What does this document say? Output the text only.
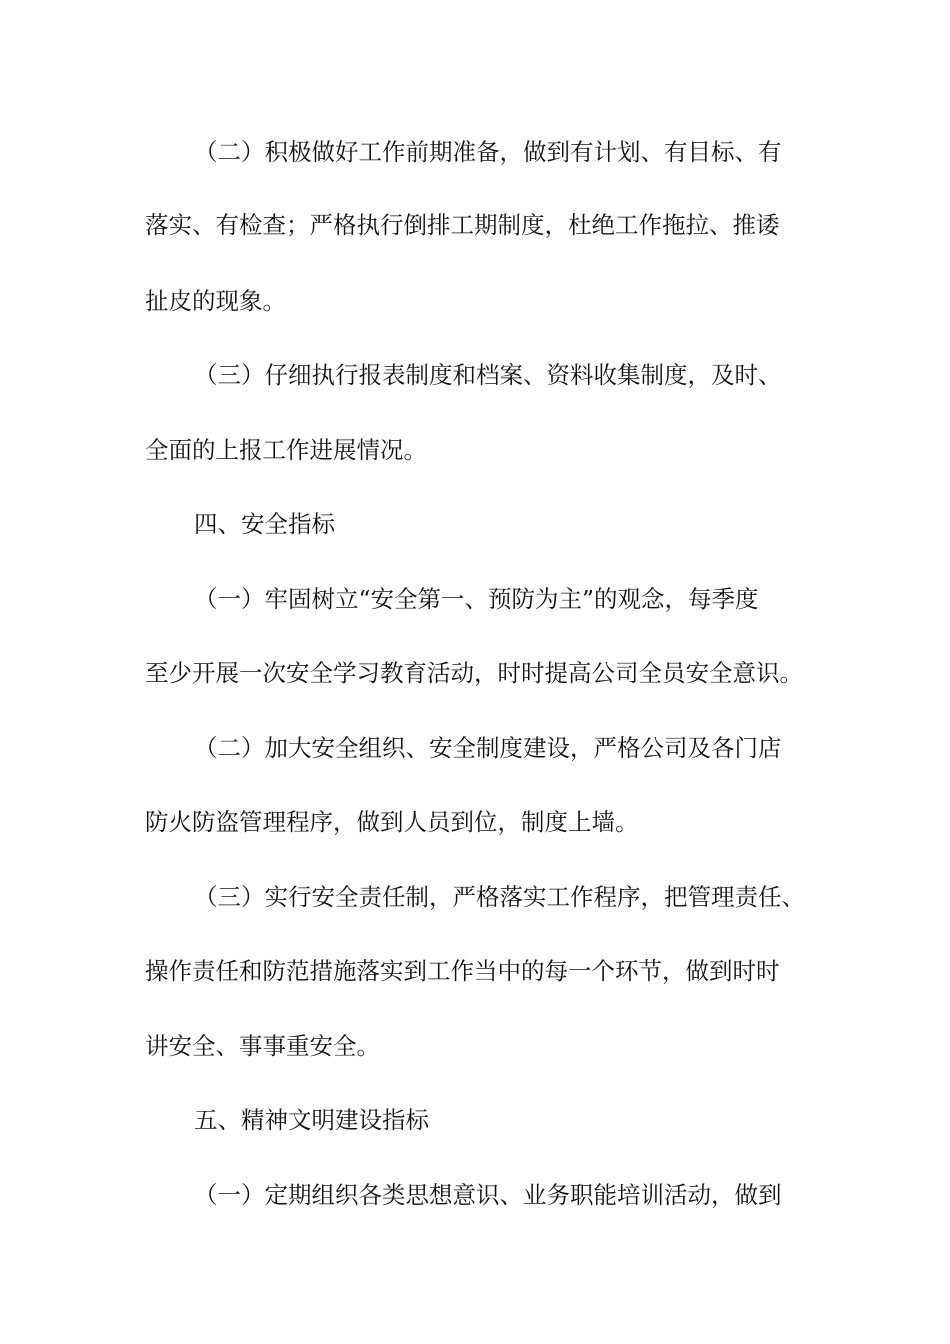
（二）积极做好工作前期准备，做到有计划、有目标、有
落实、有检查；严格执行倒排工期制度，杜绝工作拖拉、推诿
扯皮的现象。
（三）仔细执行报表制度和档案、资料收集制度，及时、
全面的上报工作进展情况。
四、安全指标
（一）牢固树立“安全第一、预防为主”的观念，每季度
至少开展一次安全学习教育活动，时时提高公司全员安全意识。
（二）加大安全组织、安全制度建设，严格公司及各门店
防火防盗管理程序，做到人员到位，制度上墙。
（三）实行安全责任制，严格落实工作程序，把管理责任、
操作责任和防范措施落实到工作当中的每一个环节，做到时时
讲安全、事事重安全。
五、精神文明建设指标
（一）定期组织各类思想意识、业务职能培训活动，做到
